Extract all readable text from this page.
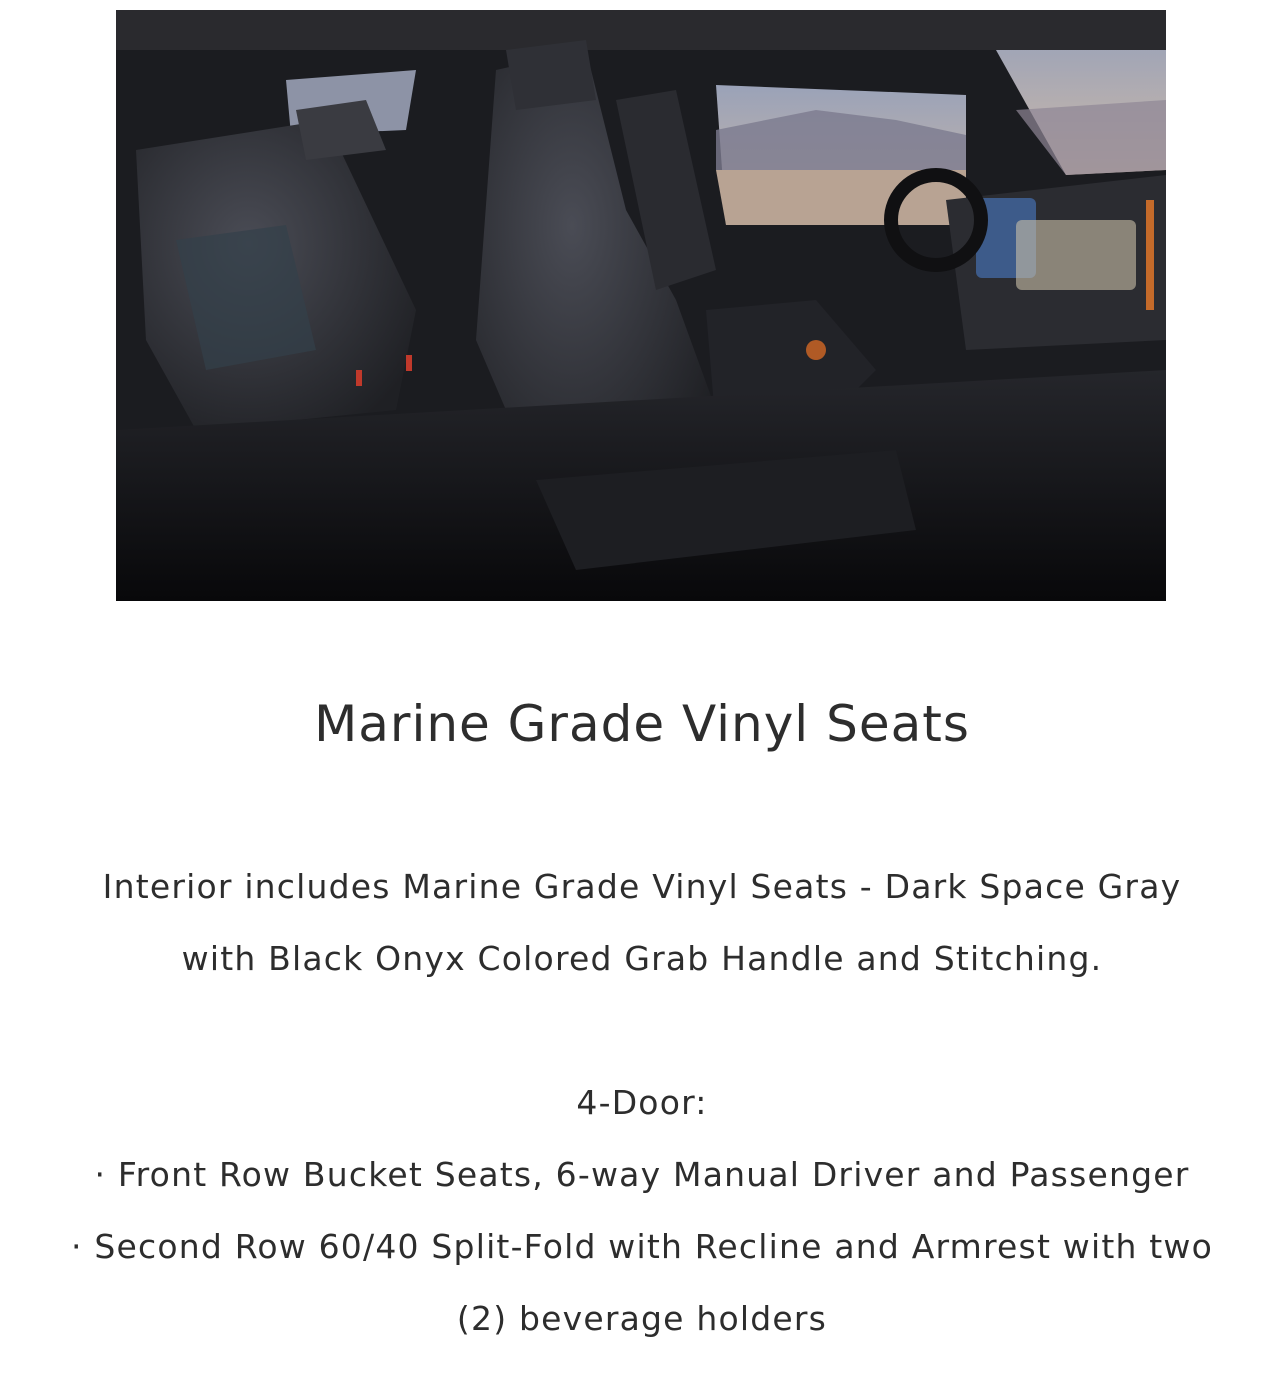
Marine Grade Vinyl Seats

Interior includes Marine Grade Vinyl Seats - Dark Space Gray with Black Onyx Colored Grab Handle and Stitching.

4-Door:

· Front Row Bucket Seats, 6-way Manual Driver and Passenger

· Second Row 60/40 Split-Fold with Recline and Armrest with two (2) beverage holders
